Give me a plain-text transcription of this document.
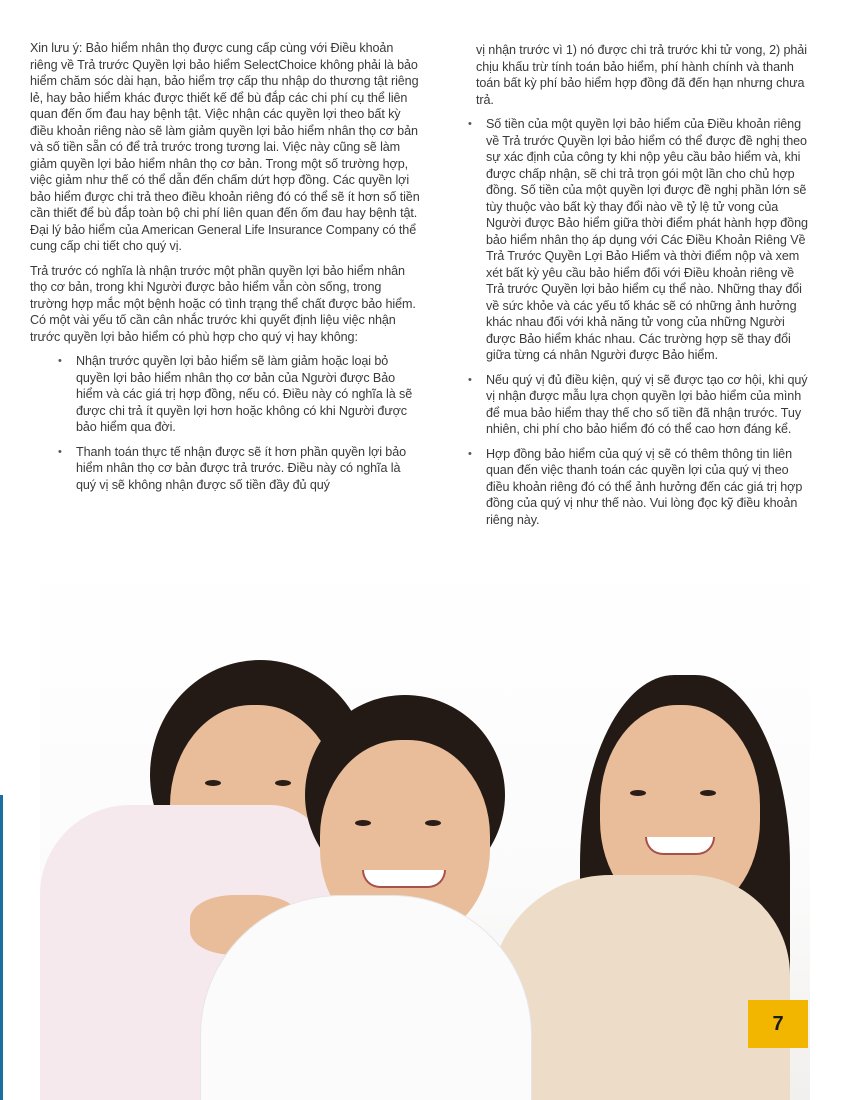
Xin lưu ý: Bảo hiểm nhân thọ được cung cấp cùng với Điều khoản riêng về Trả trước Quyền lợi bảo hiểm SelectChoice không phải là bảo hiểm chăm sóc dài hạn, bảo hiểm trợ cấp thu nhập do thương tật riêng lẻ, hay bảo hiểm khác được thiết kế để bù đắp các chi phí cụ thể liên quan đến ốm đau hay bệnh tật. Việc nhận các quyền lợi theo bất kỳ điều khoản riêng nào sẽ làm giảm quyền lợi bảo hiểm nhân thọ cơ bản và số tiền sẵn có để trả trước trong tương lai. Việc này cũng sẽ làm giảm quyền lợi bảo hiểm nhân thọ cơ bản. Trong một số trường hợp, việc giảm như thế có thể dẫn đến chấm dứt hợp đồng. Các quyền lợi bảo hiểm được chi trả theo điều khoản riêng đó có thể sẽ ít hơn số tiền cần thiết để bù đắp toàn bộ chi phí liên quan đến ốm đau hay bệnh tật. Đại lý bảo hiểm của American General Life Insurance Company có thể cung cấp chi tiết cho quý vị.

Trả trước có nghĩa là nhận trước một phần quyền lợi bảo hiểm nhân thọ cơ bản, trong khi Người được bảo hiểm vẫn còn sống, trong trường hợp mắc một bệnh hoặc có tình trạng thể chất được bảo hiểm. Có một vài yếu tố cần cân nhắc trước khi quyết định liệu việc nhận trước quyền lợi bảo hiểm có phù hợp cho quý vị hay không:

• Nhận trước quyền lợi bảo hiểm sẽ làm giảm hoặc loại bỏ quyền lợi bảo hiểm nhân thọ cơ bản của Người được Bảo hiểm và các giá trị hợp đồng, nếu có. Điều này có nghĩa là sẽ được chi trả ít quyền lợi hơn hoặc không có khi Người được bảo hiểm qua đời.
• Thanh toán thực tế nhận được sẽ ít hơn phần quyền lợi bảo hiểm nhân thọ cơ bản được trả trước. Điều này có nghĩa là quý vị sẽ không nhận được số tiền đầy đủ quý
vị nhận trước vì 1) nó được chi trả trước khi tử vong, 2) phải chịu khấu trừ tính toán bảo hiểm, phí hành chính và thanh toán bất kỳ phí bảo hiểm hợp đồng đã đến hạn nhưng chưa trả.
• Số tiền của một quyền lợi bảo hiểm của Điều khoản riêng về Trả trước Quyền lợi bảo hiểm có thể được đề nghị theo sự xác định của công ty khi nộp yêu cầu bảo hiểm và, khi được chấp nhận, sẽ chi trả trọn gói một lần cho chủ hợp đồng. Số tiền của một quyền lợi được đề nghị phần lớn sẽ tùy thuộc vào bất kỳ thay đổi nào về tỷ lệ tử vong của Người được Bảo hiểm giữa thời điểm phát hành hợp đồng bảo hiểm nhân thọ áp dụng với Các Điều Khoản Riêng Về Trả Trước Quyền Lợi Bảo Hiểm và thời điểm nộp và xem xét bất kỳ yêu cầu bảo hiểm đối với Điều khoản riêng về Trả trước Quyền lợi bảo hiểm cụ thể nào. Những thay đổi về sức khỏe và các yếu tố khác sẽ có những ảnh hưởng khác nhau đối với khả năng tử vong của những Người được Bảo hiểm khác nhau. Các trường hợp sẽ thay đổi giữa từng cá nhân Người được Bảo hiểm.
• Nếu quý vị đủ điều kiện, quý vị sẽ được tạo cơ hội, khi quý vị nhận được mẫu lựa chọn quyền lợi bảo hiểm của mình để mua bảo hiểm thay thế cho số tiền đã nhận trước. Tuy nhiên, chi phí cho bảo hiểm đó có thể cao hơn đáng kể.
• Hợp đồng bảo hiểm của quý vị sẽ có thêm thông tin liên quan đến việc thanh toán các quyền lợi của quý vị theo điều khoản riêng đó có thể ảnh hưởng đến các giá trị hợp đồng của quý vị như thế nào. Vui lòng đọc kỹ điều khoản riêng này.
7
